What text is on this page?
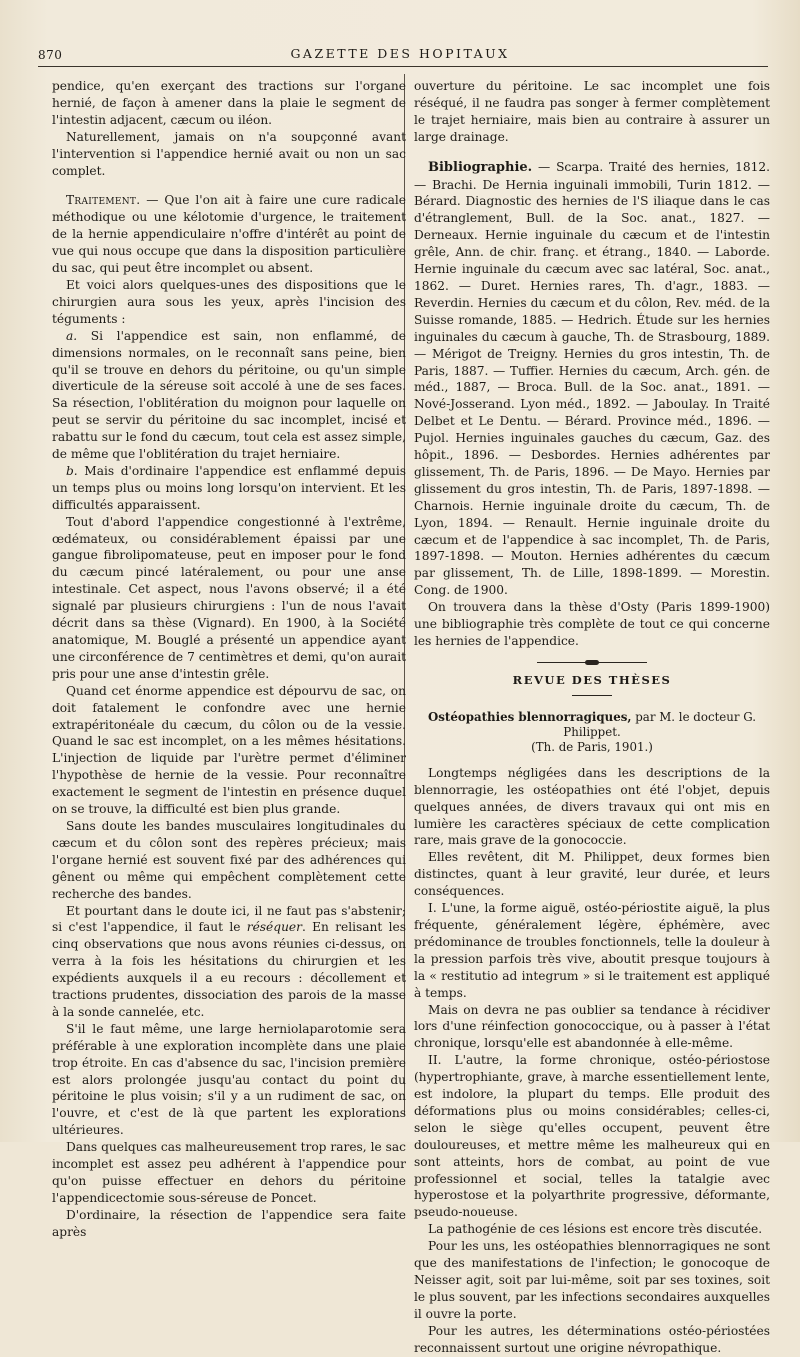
870	GAZETTE DES HOPITAUX

pendice, qu'en exerçant des tractions sur l'organe hernié, de façon à amener dans la plaie le segment de l'intestin adjacent, cæcum ou iléon.

Naturellement, jamais on n'a soupçonné avant l'intervention si l'appendice hernié avait ou non un sac complet.

Traitement. — Que l'on ait à faire une cure radicale méthodique ou une kélotomie d'urgence, le traitement de la hernie appendiculaire n'offre d'intérêt au point de vue qui nous occupe que dans la disposition particulière du sac, qui peut être incomplet ou absent.

Et voici alors quelques-unes des dispositions que le chirurgien aura sous les yeux, après l'incision des téguments :

a. Si l'appendice est sain, non enflammé, de dimensions normales, on le reconnaît sans peine, bien qu'il se trouve en dehors du péritoine, ou qu'un simple diverticule de la séreuse soit accolé à une de ses faces. Sa résection, l'oblitération du moignon pour laquelle on peut se servir du péritoine du sac incomplet, incisé et rabattu sur le fond du cæcum, tout cela est assez simple, de même que l'oblitération du trajet herniaire.

b. Mais d'ordinaire l'appendice est enflammé depuis un temps plus ou moins long lorsqu'on intervient. Et les difficultés apparaissent.

Tout d'abord l'appendice congestionné à l'extrême, œdémateux, ou considérablement épaissi par une gangue fibrolipomateuse, peut en imposer pour le fond du cæcum pincé latéralement, ou pour une anse intestinale. Cet aspect, nous l'avons observé; il a été signalé par plusieurs chirurgiens : l'un de nous l'avait décrit dans sa thèse (Vignard). En 1900, à la Société anatomique, M. Bouglé a présenté un appendice ayant une circonférence de 7 centimètres et demi, qu'on aurait pris pour une anse d'intestin grêle.

Quand cet énorme appendice est dépourvu de sac, on doit fatalement le confondre avec une hernie extrapéritonéale du cæcum, du côlon ou de la vessie. Quand le sac est incomplet, on a les mêmes hésitations. L'injection de liquide par l'urètre permet d'éliminer l'hypothèse de hernie de la vessie. Pour reconnaître exactement le segment de l'intestin en présence duquel on se trouve, la difficulté est bien plus grande.

Sans doute les bandes musculaires longitudinales du cæcum et du côlon sont des repères précieux; mais l'organe hernié est souvent fixé par des adhérences qui gênent ou même qui empêchent complètement cette recherche des bandes.

Et pourtant dans le doute ici, il ne faut pas s'abstenir; si c'est l'appendice, il faut le réséquer. En relisant les cinq observations que nous avons réunies ci-dessus, on verra à la fois les hésitations du chirurgien et les expédients auxquels il a eu recours : décollement et tractions prudentes, dissociation des parois de la masse à la sonde cannelée, etc.

S'il le faut même, une large herniolaparotomie sera préférable à une exploration incomplète dans une plaie trop étroite. En cas d'absence du sac, l'incision première est alors prolongée jusqu'au contact du point du péritoine le plus voisin; s'il y a un rudiment de sac, on l'ouvre, et c'est de là que partent les explorations ultérieures.

Dans quelques cas malheureusement trop rares, le sac incomplet est assez peu adhérent à l'appendice pour qu'on puisse effectuer en dehors du péritoine l'appendicectomie sous-séreuse de Poncet.

D'ordinaire, la résection de l'appendice sera faite après

ouverture du péritoine. Le sac incomplet une fois réséqué, il ne faudra pas songer à fermer complètement le trajet herniaire, mais bien au contraire à assurer un large drainage.

Bibliographie. — Scarpa. Traité des hernies, 1812. — Brachi. De Hernia inguinali immobili, Turin 1812. — Bérard. Diagnostic des hernies de l'S iliaque dans le cas d'étranglement, Bull. de la Soc. anat., 1827. — Derneaux. Hernie inguinale du cæcum et de l'intestin grêle, Ann. de chir. franç. et étrang., 1840. — Laborde. Hernie inguinale du cæcum avec sac latéral, Soc. anat., 1862. — Duret. Hernies rares, Th. d'agr., 1883. — Reverdin. Hernies du cæcum et du côlon, Rev. méd. de la Suisse romande, 1885. — Hedrich. Étude sur les hernies inguinales du cæcum à gauche, Th. de Strasbourg, 1889. — Mérigot de Treigny. Hernies du gros intestin, Th. de Paris, 1887. — Tuffier. Hernies du cæcum, Arch. gén. de méd., 1887, — Broca. Bull. de la Soc. anat., 1891. — Nové-Josserand. Lyon méd., 1892. — Jaboulay. In Traité Delbet et Le Dentu. — Bérard. Province méd., 1896. — Pujol. Hernies inguinales gauches du cæcum, Gaz. des hôpit., 1896. — Desbordes. Hernies adhérentes par glissement, Th. de Paris, 1896. — De Mayo. Hernies par glissement du gros intestin, Th. de Paris, 1897-1898. — Charnois. Hernie inguinale droite du cæcum, Th. de Lyon, 1894. — Renault. Hernie inguinale droite du cæcum et de l'appendice à sac incomplet, Th. de Paris, 1897-1898. — Mouton. Hernies adhérentes du cæcum par glissement, Th. de Lille, 1898-1899. — Morestin. Cong. de 1900.

On trouvera dans la thèse d'Osty (Paris 1899-1900) une bibliographie très complète de tout ce qui concerne les hernies de l'appendice.

REVUE DES THÈSES
Ostéopathies blennorragiques, par M. le docteur G. Philippet.
(Th. de Paris, 1901.)

Longtemps négligées dans les descriptions de la blennorragie, les ostéopathies ont été l'objet, depuis quelques années, de divers travaux qui ont mis en lumière les caractères spéciaux de cette complication rare, mais grave de la gonococcie.

Elles revêtent, dit M. Philippet, deux formes bien distinctes, quant à leur gravité, leur durée, et leurs conséquences.

I. L'une, la forme aiguë, ostéo-périostite aiguë, la plus fréquente, généralement légère, éphémère, avec prédominance de troubles fonctionnels, telle la douleur à la pression parfois très vive, aboutit presque toujours à la « restitutio ad integrum » si le traitement est appliqué à temps.

Mais on devra ne pas oublier sa tendance à récidiver lors d'une réinfection gonococcique, ou à passer à l'état chronique, lorsqu'elle est abandonnée à elle-même.

II. L'autre, la forme chronique, ostéo-périostose (hypertrophiante, grave, à marche essentiellement lente, est indolore, la plupart du temps. Elle produit des déformations plus ou moins considérables; celles-ci, selon le siège qu'elles occupent, peuvent être douloureuses, et mettre même les malheureux qui en sont atteints, hors de combat, au point de vue professionnel et social, telles la tatalgie avec hyperostose et la polyarthrite progressive, déformante, pseudo-noueuse.

La pathogénie de ces lésions est encore très discutée.

Pour les uns, les ostéopathies blennorragiques ne sont que des manifestations de l'infection; le gonocoque de Neisser agit, soit par lui-même, soit par ses toxines, soit le plus souvent, par les infections secondaires auxquelles il ouvre la porte.

Pour les autres, les déterminations ostéo-périostées reconnaissent surtout une origine névropathique.
